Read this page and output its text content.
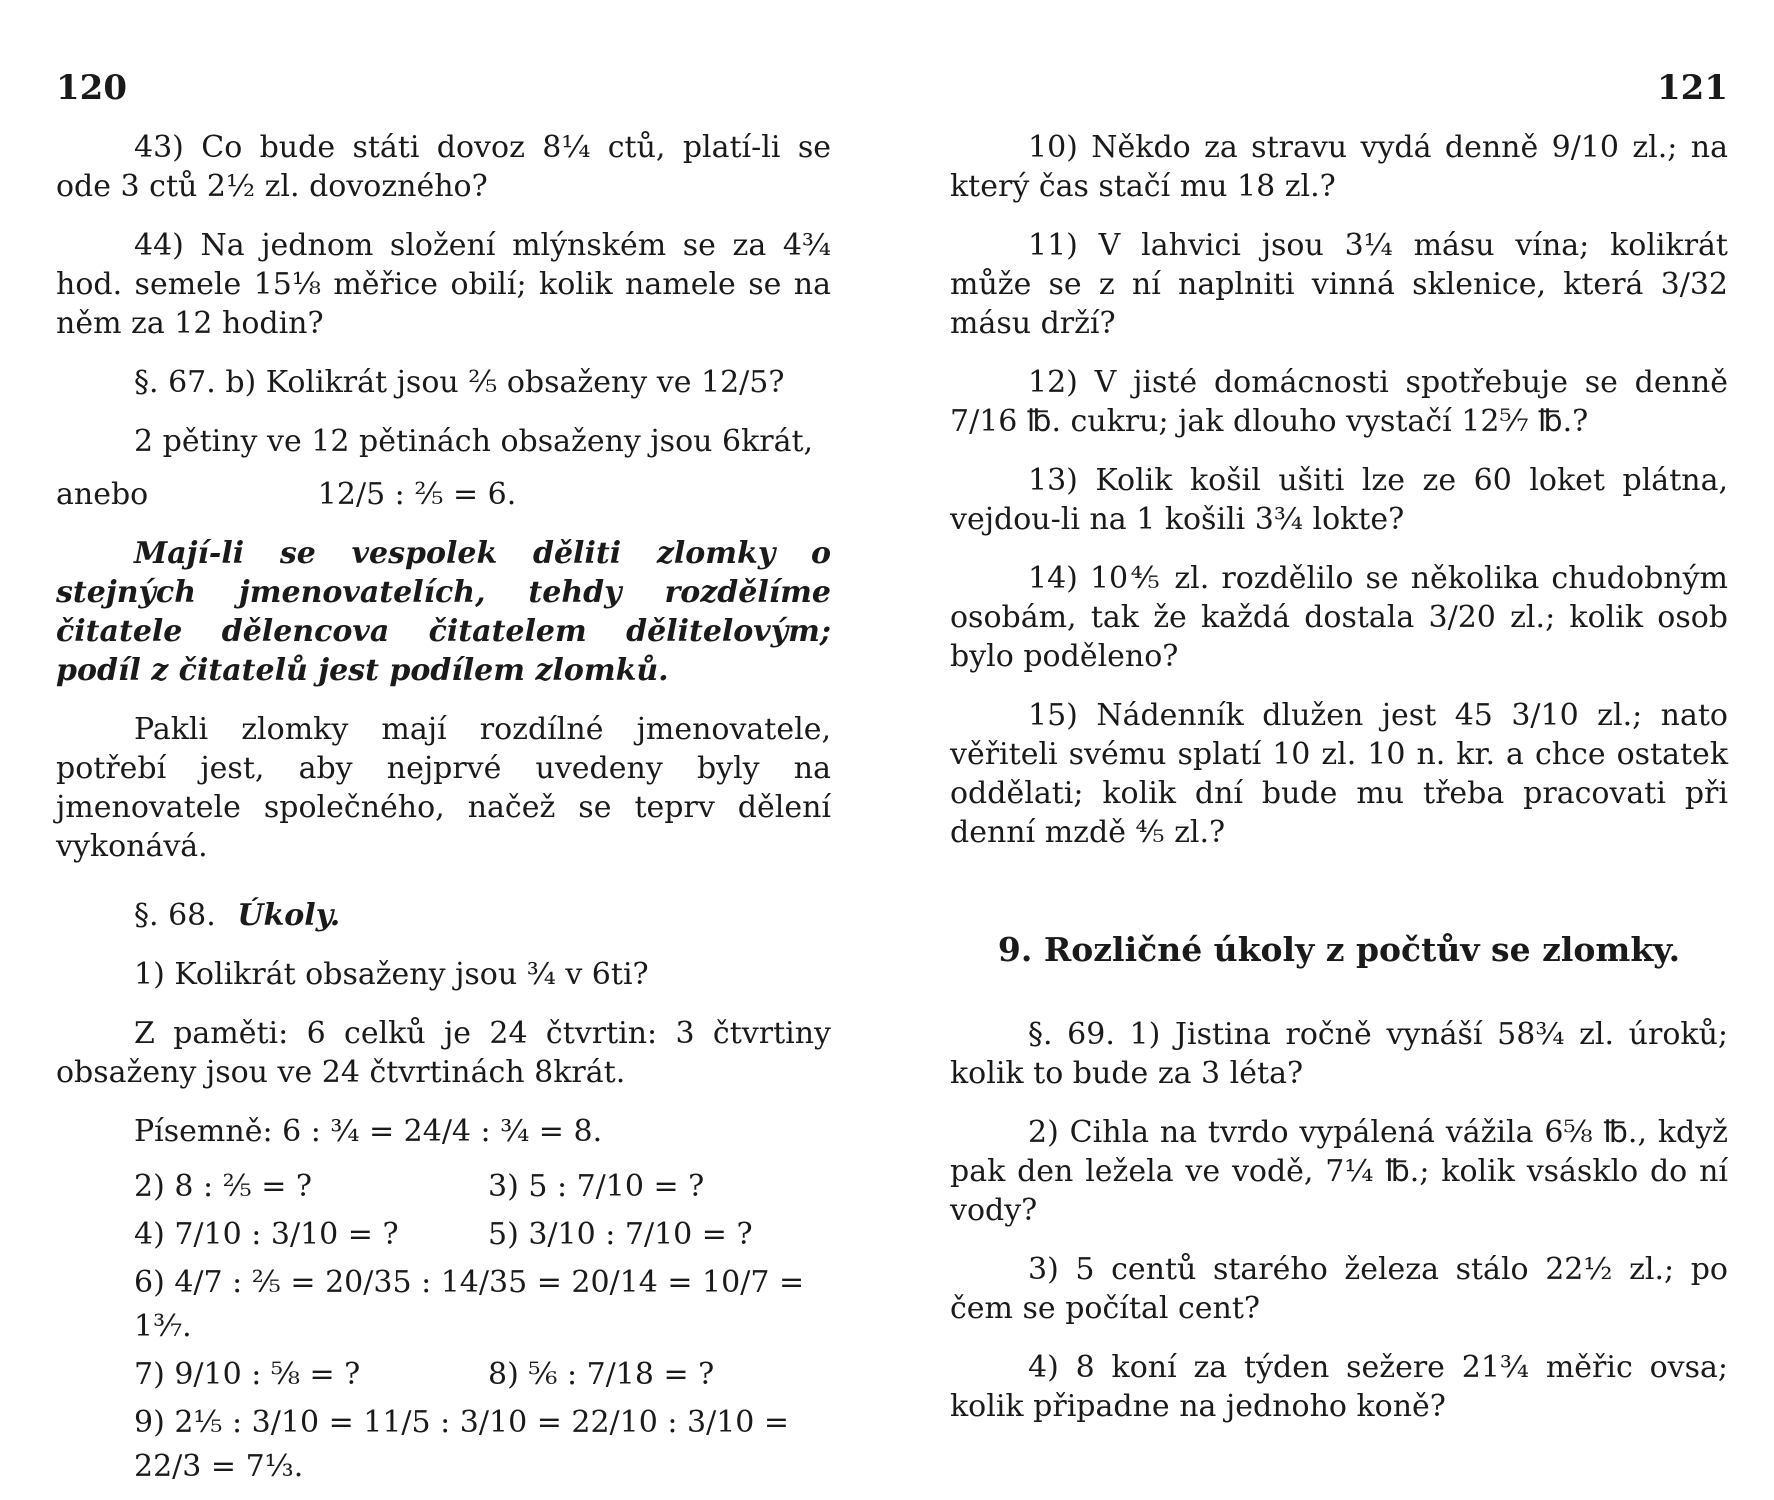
120	121

43) Co bude státi dovoz 8¼ ctů, platí-li se ode 3 ctů 2½ zl. dovozného?

44) Na jednom složení mlýnském se za 4¾ hod. semele 15⅛ měřice obilí; kolik namele se na něm za 12 hodin?

§. 67. b) Kolikrát jsou ⅖ obsaženy ve 12/5?

2 pětiny ve 12 pětinách obsaženy jsou 6krát,

anebo	12/5 : ⅖ = 6.

Mají-li se vespolek děliti zlomky o stejných jmenovatelích, tehdy rozdělíme čitatele dělencova čitatelem dělitelovým; podíl z čitatelů jest podílem zlomků.

Pakli zlomky mají rozdílné jmenovatele, potřebí jest, aby nejprvé uvedeny byly na jmenovatele společného, načež se teprv dělení vykonává.

§. 68. Úkoly.

1) Kolikrát obsaženy jsou ¾ v 6ti?

Z paměti: 6 celků je 24 čtvrtin: 3 čtvrtiny obsaženy jsou ve 24 čtvrtinách 8krát.

Písemně: 6 : ¾ = 24/4 : ¾ = 8.

2) 8 : ⅖ = ?	3) 5 : 7/10 = ?
4) 7/10 : 3/10 = ?	5) 3/10 : 7/10 = ?
6) 4/7 : ⅖ = 20/35 : 14/35 = 20/14 = 10/7 = 1³⁄₇.
7) 9/10 : ⅝ = ?	8) ⅚ : 7/18 = ?
9) 2⅕ : 3/10 = 11/5 : 3/10 = 22/10 : 3/10 = 22/3 = 7⅓.

10) Někdo za stravu vydá denně 9/10 zl.; na který čas stačí mu 18 zl.?

11) V lahvici jsou 3¼ másu vína; kolikrát může se z ní naplniti vinná sklenice, která 3/32 másu drží?

12) V jisté domácnosti spotřebuje se denně 7/16 ℔. cukru; jak dlouho vystačí 12⁵⁄₇ ℔.?

13) Kolik košil ušiti lze ze 60 loket plátna, vejdou-li na 1 košili 3¾ lokte?

14) 10⅘ zl. rozdělilo se několika chudobným osobám, tak že každá dostala 3/20 zl.; kolik osob bylo poděleno?

15) Nádenník dlužen jest 45 3/10 zl.; nato věřiteli svému splatí 10 zl. 10 n. kr. a chce ostatek oddělati; kolik dní bude mu třeba pracovati při denní mzdě ⅘ zl.?

9. Rozličné úkoly z počtův se zlomky.

§. 69. 1) Jistina ročně vynáší 58¾ zl. úroků; kolik to bude za 3 léta?

2) Cihla na tvrdo vypálená vážila 6⅝ ℔., když pak den ležela ve vodě, 7¼ ℔.; kolik vsásklo do ní vody?

3) 5 centů starého železa stálo 22½ zl.; po čem se počítal cent?

4) 8 koní za týden sežere 21¾ měřic ovsa; kolik připadne na jednoho koně?
